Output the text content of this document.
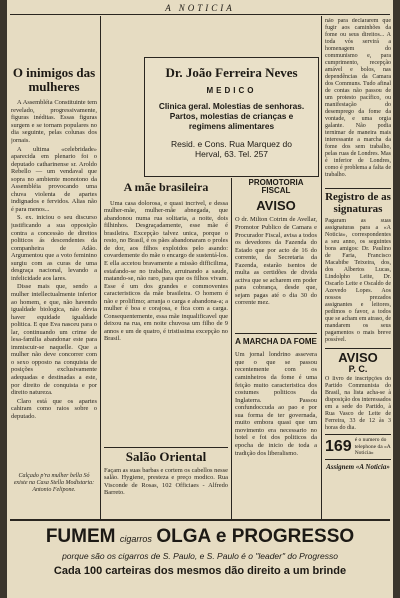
A NOTICIA
O inimigos das mulheres

A Assembléia Constituinte tem revelado, progressivamente, figuras inéditas. Essas figuras surgem e se tornam populares no dia seguinte, pelas colunas dos jornais.

A ultima «celebridade» aparecida em plenario foi o deputado catharinense sr. Aroldo Rebello — um vendaval que sopra no ambiente monotono da Assembléia provocando uma chuva violenta de apartes indignados e fervidos. Alias não é para menos...

S. ex. iniciou o seu discurso justificando a sua opposição contra a concessão de direitos politicos ás descendentes da companheira de Adão. Argumentou que a voto feminino surgiu com as curas de uma desgraça nacional, levando a infelicidade aos lares.

Disse mais que, sendo a mulher intellectualmente inferior ao homem, e que, não havendo igualdade biologica, não devia haver equidade igualdade politica. E que Eva nasceu para o lar, continuando um crime de lesa-familia abandonar este para immiscuir-se naquelle. Que a mulher não deve concorrer com o sexo opposto na conquista de posições exclusivamente adequadas e destinadas a este, por direito de conquista e por direito natureza.

Claro está que os apartes cahiram como raios sobre o deputado.

Calçado p'ra mulher bella Só existe na Casa Stella Modistaria: Antonio Felipone.
Dr. João Ferreira Neves
MEDICO
Clinica geral. Molestias de senhoras. Partos, molestias de crianças e regimens alimentares
Resid. e Cons. Rua Marquez do Herval, 63. Tel. 257
A mãe brasileira

Uma casa dolorosa, e quasi incrivel, e dessa mulher-mãe, mulher-mãe abnegada, que abandonou numa rua solitaria, a noite, dois filhinhos. Desgraçadamente, esse mãe é brasileira. Excepção talvez unica, porque o resto, no Brasil, é os pães abandonaram o proles de dor, aos filhos exploidos pelo asando: covardemente do mãe o encargo de sustentá-los. E ella accetou bravamente a missão difficilima, estafando-se no trabalho, arruinando a saude, matando-se, não raro, para que os filhos vivam. Esse é um dos grandes e commoventes caracteristicos da mãe brasileira. O homem é não e prolifimo; arranja o carga e abandona-a; a mulher é boa e corajosa, e fica com a carga. Consequentemente, essa mãe inqualificavel que deixou na rua, em noite chuvosa um filho de 9 annos e um de quatro, é tristissima excepção no Brasil.

Salão Oriental
Façam as suas barbas e cortem os cabellos nesse salão. Hygiene, presteza e preço modico. Rua Visconde de Rosas, 102 Officiaes - Alfredo Barreto.
PROMOTORIA FISCAL
AVISO
O dr. Milton Cotrim de Avellar, Promotor Publico de Camara e Procurador Fiscal, avisa a todos os devedores da Fazenda do Estado que por acto de 16 do corrente, da Secretaria da Fazenda, estarão isentos de multa as certidões de divida activa que se acharem em poder para cobrança, desde que, sejam pagas até o dia 30 do corrente mez.
A MARCHA DA FOME
Um jornal londrino assevera que o que se passou recentemente com os caminheiros da fome é uma feição muito caracteristica dos costumes politicos da Inglaterra. Passou confundoccuda ao pao e por sua forma de ter governada, muito embora quasi que um movimento era necessario no hotel e foi dos politicos da epocha de inicio de toda a tradição dos liberalismo.
não para declararem que fugir aos caminhões da fome ou seus direitos... A toda vós servirá a homenagem do communismo e, para cumprimento, recepção amável e bolos, nas dependências da Camara dos Communs. Tudo afinal de contas não passou de um protesto pacífico, ou manifestação do desemprego da fome da vontade, e uma orgia galante. Não podia ternimar de maneira mais interessante a marcha da fome dos sem trabalho, pelas ruas de Londres. Mas é inferior de Londres, como é problema a falta de trabalho.
Registro de as signaturas
Pagaram as suas assignaturas para a «A Noticia», correspondentes a seu anno, os seguintes bons amigos: Dr. Paulino de Faria, Francisco Macabibe Teixeira, dos, dos Albertos Lucas, Lindolpho Leite, Dr. Oscarlo Leite e Oscaldo de Azevedo Lopes. Aos nossos prezados assignantes e leitores, pedimos o favor, a todos que se acham em atraso, de mandarem os seus pagamentos o mais breve possível.
AVISO
P. C.
O livro de inscripções do Partido Communista do Brasil, na lista acha-se à disposição dos interessados em a sede do Partido, à Rua Vasco de Leite de Ferreira, 33 de 12 às 3 horas do dia.
169 é o numero do telephone da «A Noticia»
Assignem «A Noticia»
FUMEM cigarros OLGA e PROGRESSO
porque são os cigarros de S. Paulo, e S. Paulo é o "leader" do Progresso
Cada 100 carteiras dos mesmos dão direito a um brinde
